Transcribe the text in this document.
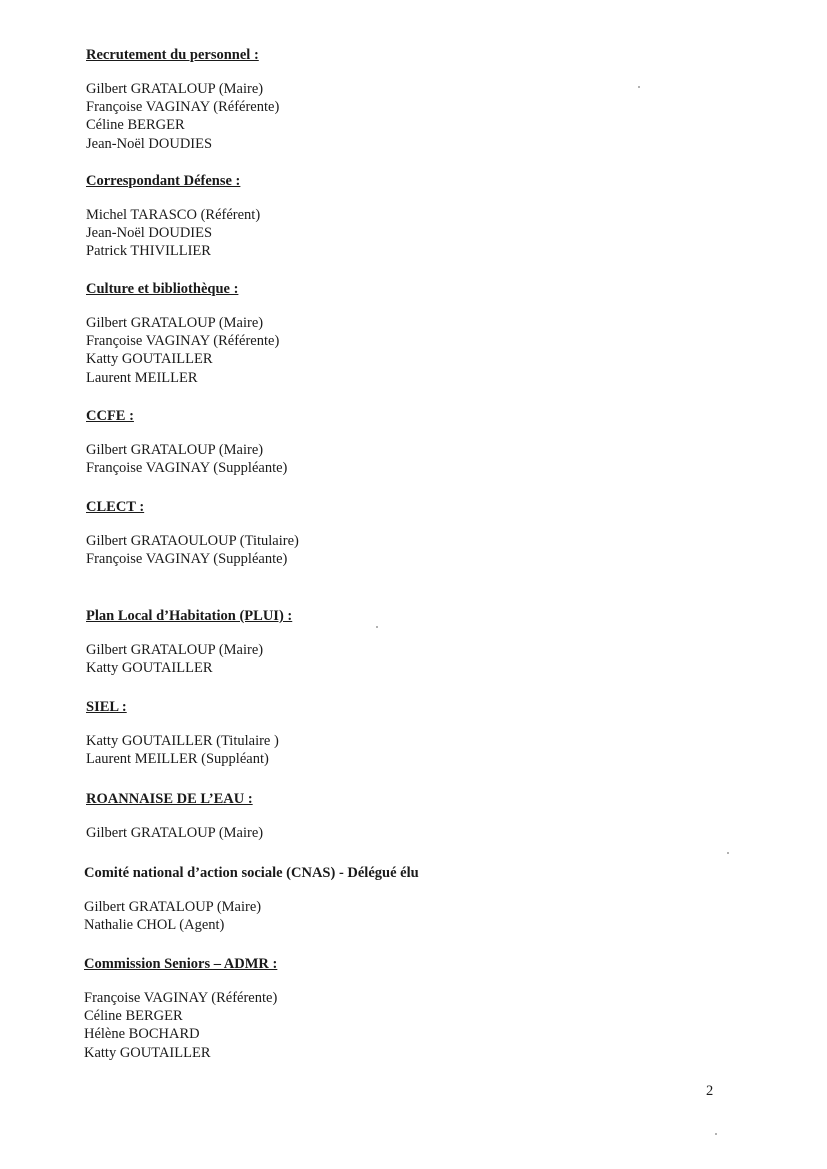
Recrutement du personnel :
Gilbert GRATALOUP (Maire)
Françoise VAGINAY (Référente)
Céline BERGER
Jean-Noël DOUDIES
Correspondant Défense :
Michel TARASCO (Référent)
Jean-Noël DOUDIES
Patrick THIVILLIER
Culture et bibliothèque :
Gilbert GRATALOUP (Maire)
Françoise VAGINAY (Référente)
Katty GOUTAILLER
Laurent MEILLER
CCFE :
Gilbert GRATALOUP (Maire)
Françoise VAGINAY (Suppléante)
CLECT :
Gilbert GRATAOULOUP (Titulaire)
Françoise VAGINAY (Suppléante)
Plan Local d’Habitation (PLUI) :
Gilbert GRATALOUP (Maire)
Katty GOUTAILLER
SIEL :
Katty GOUTAILLER (Titulaire )
Laurent MEILLER (Suppléant)
ROANNAISE DE L’EAU :
Gilbert GRATALOUP (Maire)
Comité national d’action sociale (CNAS) - Délégué élu
Gilbert GRATALOUP (Maire)
Nathalie CHOL (Agent)
Commission Seniors – ADMR :
Françoise VAGINAY (Référente)
Céline BERGER
Hélène BOCHARD
Katty GOUTAILLER
2
